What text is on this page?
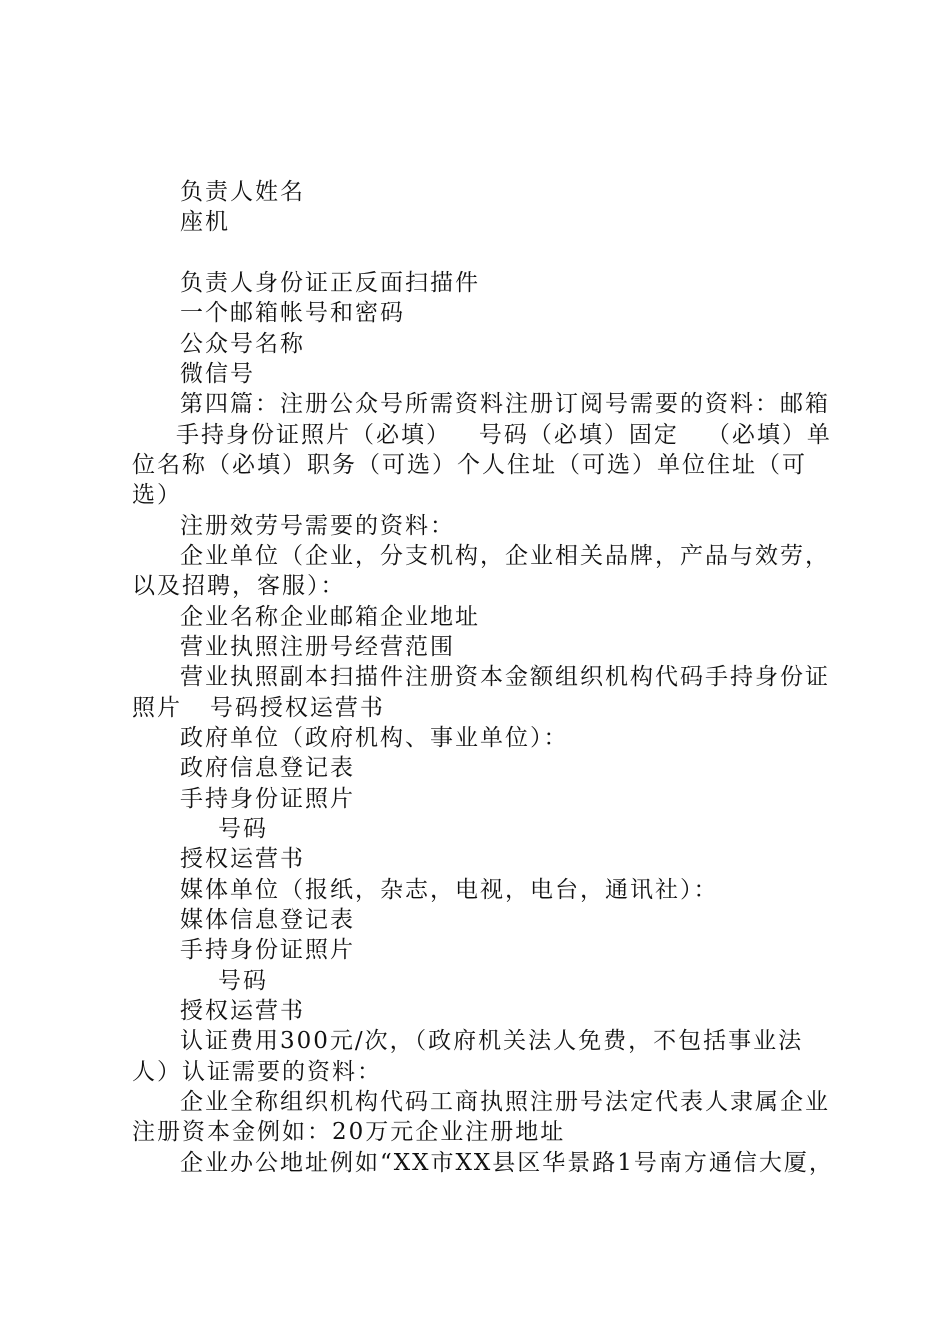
负责人姓名
座机
负责人身份证正反面扫描件
一个邮箱帐号和密码
公众号名称
微信号
第四篇：注册公众号所需资料注册订阅号需要的资料：邮箱
手持身份证照片（必填）   号码（必填）固定   （必填）单
位名称（必填）职务（可选）个人住址（可选）单位住址（可
选）
注册效劳号需要的资料：
企业单位（企业，分支机构，企业相关品牌，产品与效劳，
以及招聘，客服）：
企业名称企业邮箱企业地址
营业执照注册号经营范围
营业执照副本扫描件注册资本金额组织机构代码手持身份证
照片   号码授权运营书
政府单位（政府机构、事业单位）：
政府信息登记表
手持身份证照片
号码
授权运营书
媒体单位（报纸，杂志，电视，电台，通讯社）：
媒体信息登记表
手持身份证照片
号码
授权运营书
认证费用300元/次，（政府机关法人免费，不包括事业法
人）认证需要的资料：
企业全称组织机构代码工商执照注册号法定代表人隶属企业
注册资本金例如：20万元企业注册地址
企业办公地址例如“XX市XX县区华景路1号南方通信大厦，
